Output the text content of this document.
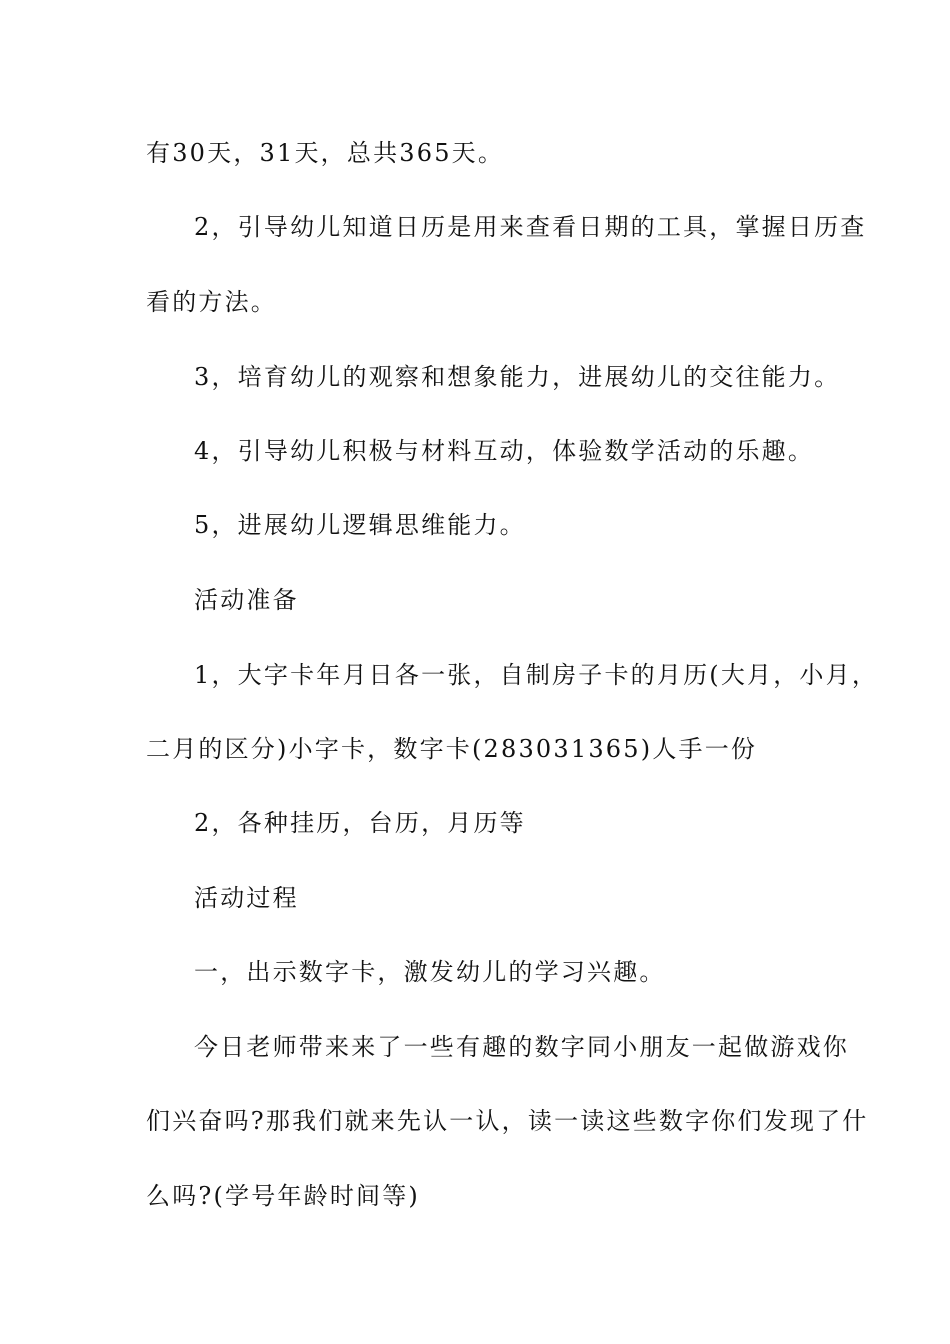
有30天，31天，总共365天。
2，引导幼儿知道日历是用来查看日期的工具，掌握日历查
看的方法。
3，培育幼儿的观察和想象能力，进展幼儿的交往能力。
4，引导幼儿积极与材料互动，体验数学活动的乐趣。
5，进展幼儿逻辑思维能力。
活动准备
1，大字卡年月日各一张，自制房子卡的月历(大月，小月，
二月的区分)小字卡，数字卡(283031365)人手一份
2，各种挂历，台历，月历等
活动过程
一，出示数字卡，激发幼儿的学习兴趣。
今日老师带来来了一些有趣的数字同小朋友一起做游戏你
们兴奋吗?那我们就来先认一认，读一读这些数字你们发现了什
么吗?(学号年龄时间等)
